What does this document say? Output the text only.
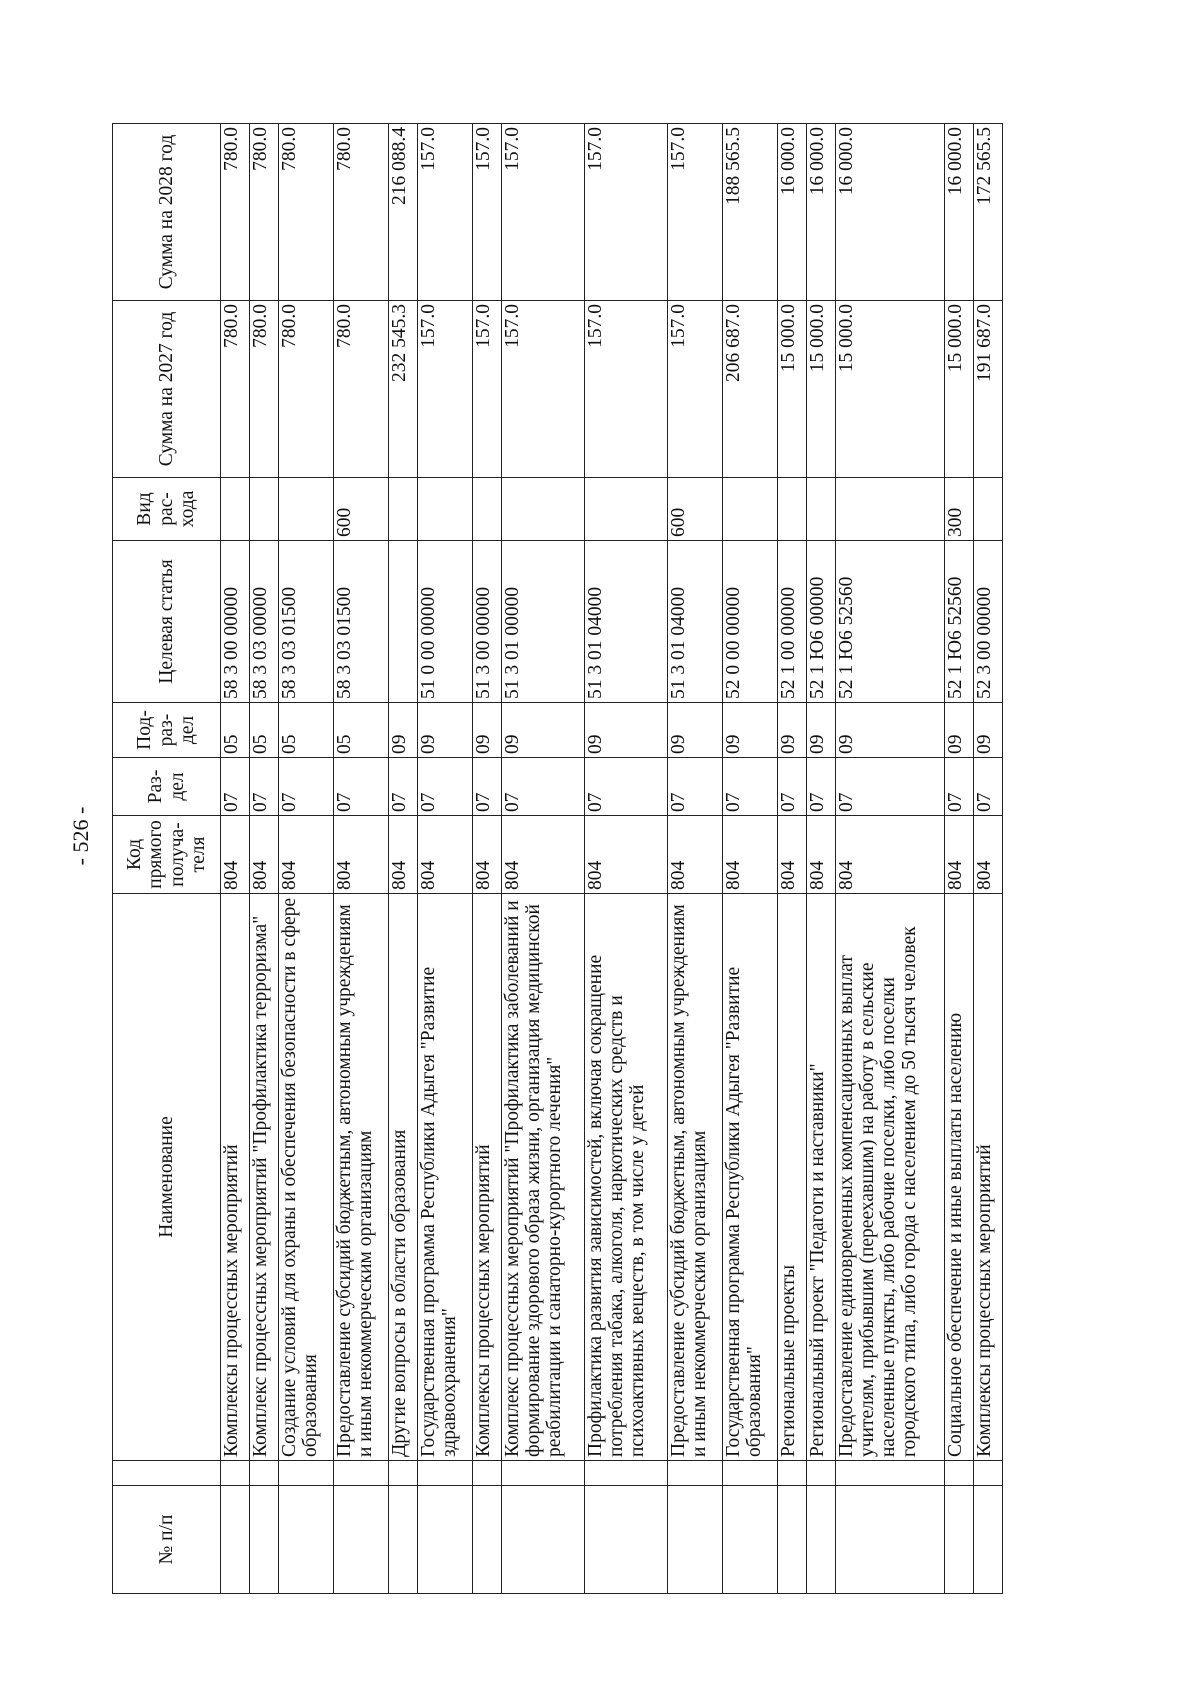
- 526 -
№ п/п		Наименование	Код прямого получа-теля	Раз-дел	Под-раз-дел	Целевая статья	Вид рас-хода	Сумма на 2027 год	Сумма на 2028 год
		Комплексы процессных мероприятий	804	07	05	58 3 00 00000		780.0	780.0
		Комплекс процессных мероприятий "Профилактика терроризма"	804	07	05	58 3 03 00000		780.0	780.0
		Создание условий для охраны и обеспечения безопасности в сфере образования	804	07	05	58 3 03 01500		780.0	780.0
		Предоставление субсидий бюджетным, автономным учреждениям и иным некоммерческим организациям	804	07	05	58 3 03 01500	600	780.0	780.0
		Другие вопросы в области образования	804	07	09			232 545.3	216 088.4
		Государственная программа Республики Адыгея "Развитие здравоохранения"	804	07	09	51 0 00 00000		157.0	157.0
		Комплексы процессных мероприятий	804	07	09	51 3 00 00000		157.0	157.0
		Комплекс процессных мероприятий "Профилактика заболеваний и формирование здорового образа жизни, организация медицинской реабилитации и санаторно-курортного лечения"	804	07	09	51 3 01 00000		157.0	157.0
		Профилактика развития зависимостей, включая сокращение потребления табака, алкоголя, наркотических средств и психоактивных веществ, в том числе у детей	804	07	09	51 3 01 04000		157.0	157.0
		Предоставление субсидий бюджетным, автономным учреждениям и иным некоммерческим организациям	804	07	09	51 3 01 04000	600	157.0	157.0
		Государственная программа Республики Адыгея "Развитие образования"	804	07	09	52 0 00 00000		206 687.0	188 565.5
		Региональные проекты	804	07	09	52 1 00 00000		15 000.0	16 000.0
		Региональный проект "Педагоги и наставники"	804	07	09	52 1 Ю6 00000		15 000.0	16 000.0
		Предоставление единовременных компенсационных выплат учителям, прибывшим (переехавшим) на работу в сельские населенные пункты, либо рабочие поселки, либо поселки городского типа, либо города с населением до 50 тысяч человек	804	07	09	52 1 Ю6 52560		15 000.0	16 000.0
		Социальное обеспечение и иные выплаты населению	804	07	09	52 1 Ю6 52560	300	15 000.0	16 000.0
		Комплексы процессных мероприятий	804	07	09	52 3 00 00000		191 687.0	172 565.5
